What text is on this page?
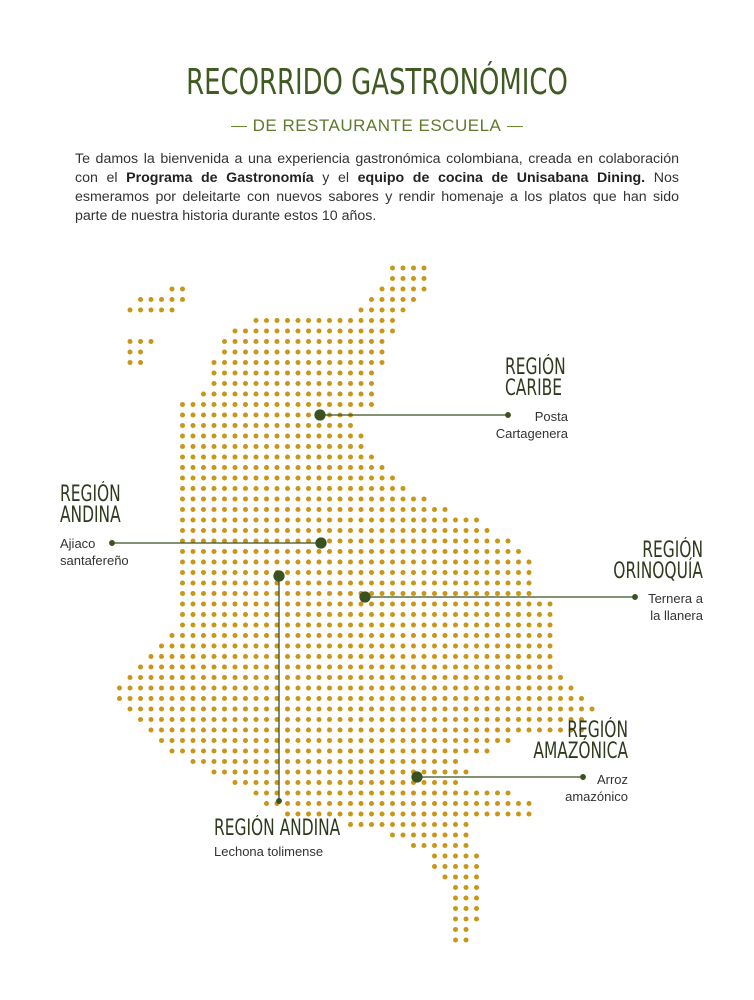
RECORRIDO GASTRONÓMICO
DE RESTAURANTE ESCUELA

Te damos la bienvenida a una experiencia gastronómica colombiana, creada en colaboración con el Programa de Gastronomía y el equipo de cocina de Unisabana Dining. Nos esmeramos por deleitarte con nuevos sabores y rendir homenaje a los platos que han sido parte de nuestra historia durante estos 10 años.

REGIÓN
CARIBE
Posta
Cartagenera
REGIÓN
ANDINA
Ajiaco
santafereño	REGIÓN
ORINOQUÍA
Ternera a
la llanera
REGIÓN
AMAZÓNICA
Arroz
amazónico
REGIÓN ANDINA
Lechona tolimense
